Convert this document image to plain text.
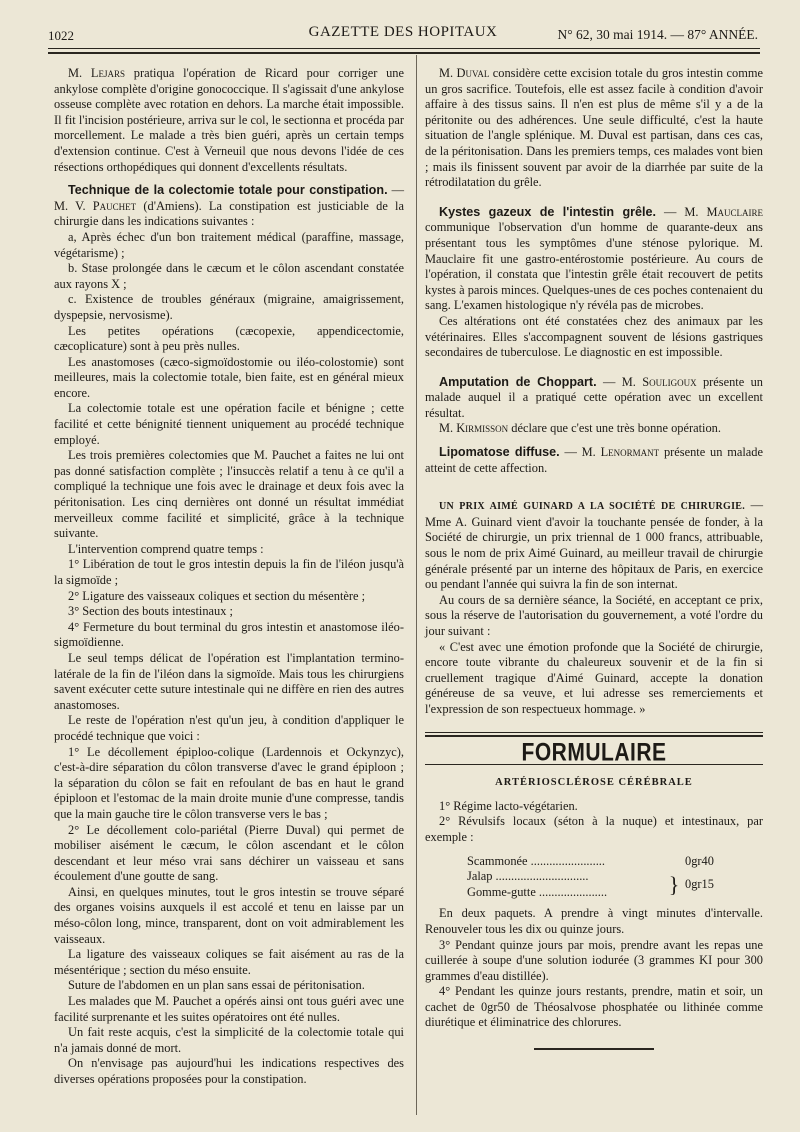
1022	GAZETTE DES HOPITAUX	N° 62, 30 mai 1914. — 87° ANNÉE.

M. Lejars pratiqua l'opération de Ricard pour corriger une ankylose complète d'origine gonococcique. Il s'agissait d'une ankylose osseuse complète avec rotation en dehors. La marche était impossible. Il fit l'incision postérieure, arriva sur le col, le sectionna et procéda par morcellement. Le malade a très bien guéri, après un certain temps d'extension continue. C'est à Verneuil que nous devons l'idée de ces résections orthopédiques qui donnent d'excellents résultats.

Technique de la colectomie totale pour constipation. — M. V. Pauchet (d'Amiens). La constipation est justiciable de la chirurgie dans les indications suivantes :

a, Après échec d'un bon traitement médical (paraffine, massage, végétarisme) ;

b. Stase prolongée dans le cæcum et le côlon ascendant constatée aux rayons X ;

c. Existence de troubles généraux (migraine, amaigrissement, dyspepsie, nervosisme).

Les petites opérations (cæcopexie, appendicectomie, cæcoplicature) sont à peu près nulles.

Les anastomoses (cæco-sigmoïdostomie ou iléo-colostomie) sont meilleures, mais la colectomie totale, bien faite, est en général mieux encore.

La colectomie totale est une opération facile et bénigne ; cette facilité et cette bénignité tiennent uniquement au procédé technique employé.

Les trois premières colectomies que M. Pauchet a faites ne lui ont pas donné satisfaction complète ; l'insuccès relatif a tenu à ce qu'il a compliqué la technique une fois avec le drainage et deux fois avec la péritonisation. Les cinq dernières ont donné un résultat immédiat merveilleux comme facilité et simplicité, grâce à la technique suivante.

L'intervention comprend quatre temps :

1° Libération de tout le gros intestin depuis la fin de l'iléon jusqu'à la sigmoïde ;

2° Ligature des vaisseaux coliques et section du mésentère ;

3° Section des bouts intestinaux ;

4° Fermeture du bout terminal du gros intestin et anastomose iléo-sigmoïdienne.

Le seul temps délicat de l'opération est l'implantation termino-latérale de la fin de l'iléon dans la sigmoïde. Mais tous les chirurgiens savent exécuter cette suture intestinale qui ne diffère en rien des autres anastomoses.

Le reste de l'opération n'est qu'un jeu, à condition d'appliquer le procédé technique que voici :

1° Le décollement épiploo-colique (Lardennois et Ockynzyc), c'est-à-dire séparation du côlon transverse d'avec le grand épiploon ; la séparation du côlon se fait en refoulant de bas en haut le grand épiploon et l'estomac de la main droite munie d'une compresse, tandis que la main gauche tire le côlon transverse vers le bas ;

2° Le décollement colo-pariétal (Pierre Duval) qui permet de mobiliser aisément le cæcum, le côlon ascendant et le côlon descendant et leur méso vrai sans déchirer un vaisseau et sans écoulement d'une goutte de sang.

Ainsi, en quelques minutes, tout le gros intestin se trouve séparé des organes voisins auxquels il est accolé et tenu en laisse par un méso-côlon long, mince, transparent, dont on voit admirablement les vaisseaux.

La ligature des vaisseaux coliques se fait aisément au ras de la mésentérique ; section du méso ensuite.

Suture de l'abdomen en un plan sans essai de péritonisation.

Les malades que M. Pauchet a opérés ainsi ont tous guéri avec une facilité surprenante et les suites opératoires ont été nulles.

Un fait reste acquis, c'est la simplicité de la colectomie totale qui n'a jamais donné de mort.

On n'envisage pas aujourd'hui les indications respectives des diverses opérations proposées pour la constipation.

M. Duval considère cette excision totale du gros intestin comme un gros sacrifice. Toutefois, elle est assez facile à condition d'avoir affaire à des tissus sains. Il n'en est plus de même s'il y a de la péritonite ou des adhérences. Une seule difficulté, c'est la haute situation de l'angle splénique. M. Duval est partisan, dans ces cas, de la péritonisation. Dans les premiers temps, ces malades vont bien ; mais ils finissent souvent par avoir de la diarrhée par suite de la rétrodilatation du grêle.

Kystes gazeux de l'intestin grêle. — M. Mauclaire communique l'observation d'un homme de quarante-deux ans présentant tous les symptômes d'une sténose pylorique. M. Mauclaire fit une gastro-entérostomie postérieure. Au cours de l'opération, il constata que l'intestin grêle était recouvert de petits kystes à parois minces. Quelques-unes de ces poches contenaient du sang. L'examen histologique n'y révéla pas de microbes.

Ces altérations ont été constatées chez des animaux par les vétérinaires. Elles s'accompagnent souvent de lésions gastriques secondaires de tuberculose. Le diagnostic en est impossible.

Amputation de Choppart. — M. Souligoux présente un malade auquel il a pratiqué cette opération avec un excellent résultat.

M. Kirmisson déclare que c'est une très bonne opération.

Lipomatose diffuse. — M. Lenormant présente un malade atteint de cette affection.

UN PRIX AIMÉ GUINARD A LA SOCIÉTÉ DE CHIRURGIE. — Mme A. Guinard vient d'avoir la touchante pensée de fonder, à la Société de chirurgie, un prix triennal de 1 000 francs, attribuable, sous le nom de prix Aimé Guinard, au meilleur travail de chirurgie générale présenté par un interne des hôpitaux de Paris, en exercice ou pendant l'année qui suivra la fin de son internat.

Au cours de sa dernière séance, la Société, en acceptant ce prix, sous la réserve de l'autorisation du gouvernement, a voté l'ordre du jour suivant :

« C'est avec une émotion profonde que la Société de chirurgie, encore toute vibrante du chaleureux souvenir et de la fin si cruellement tragique d'Aimé Guinard, accepte la donation généreuse de sa veuve, et lui adresse ses remerciements et l'expression de son respectueux hommage. »

FORMULAIRE
ARTÉRIOSCLÉROSE CÉRÉBRALE

1° Régime lacto-végétarien.

2° Révulsifs locaux (séton à la nuque) et intestinaux, par exemple :

Scammonée ........................		0gr40
Jalap ..............................	}	0gr15
Gomme-gutte ......................		

En deux paquets. A prendre à vingt minutes d'intervalle. Renouveler tous les dix ou quinze jours.

3° Pendant quinze jours par mois, prendre avant les repas une cuillerée à soupe d'une solution iodurée (3 grammes KI pour 300 grammes d'eau distillée).

4° Pendant les quinze jours restants, prendre, matin et soir, un cachet de 0gr50 de Théosalvose phosphatée ou lithinée comme diurétique et éliminatrice des chlorures.
